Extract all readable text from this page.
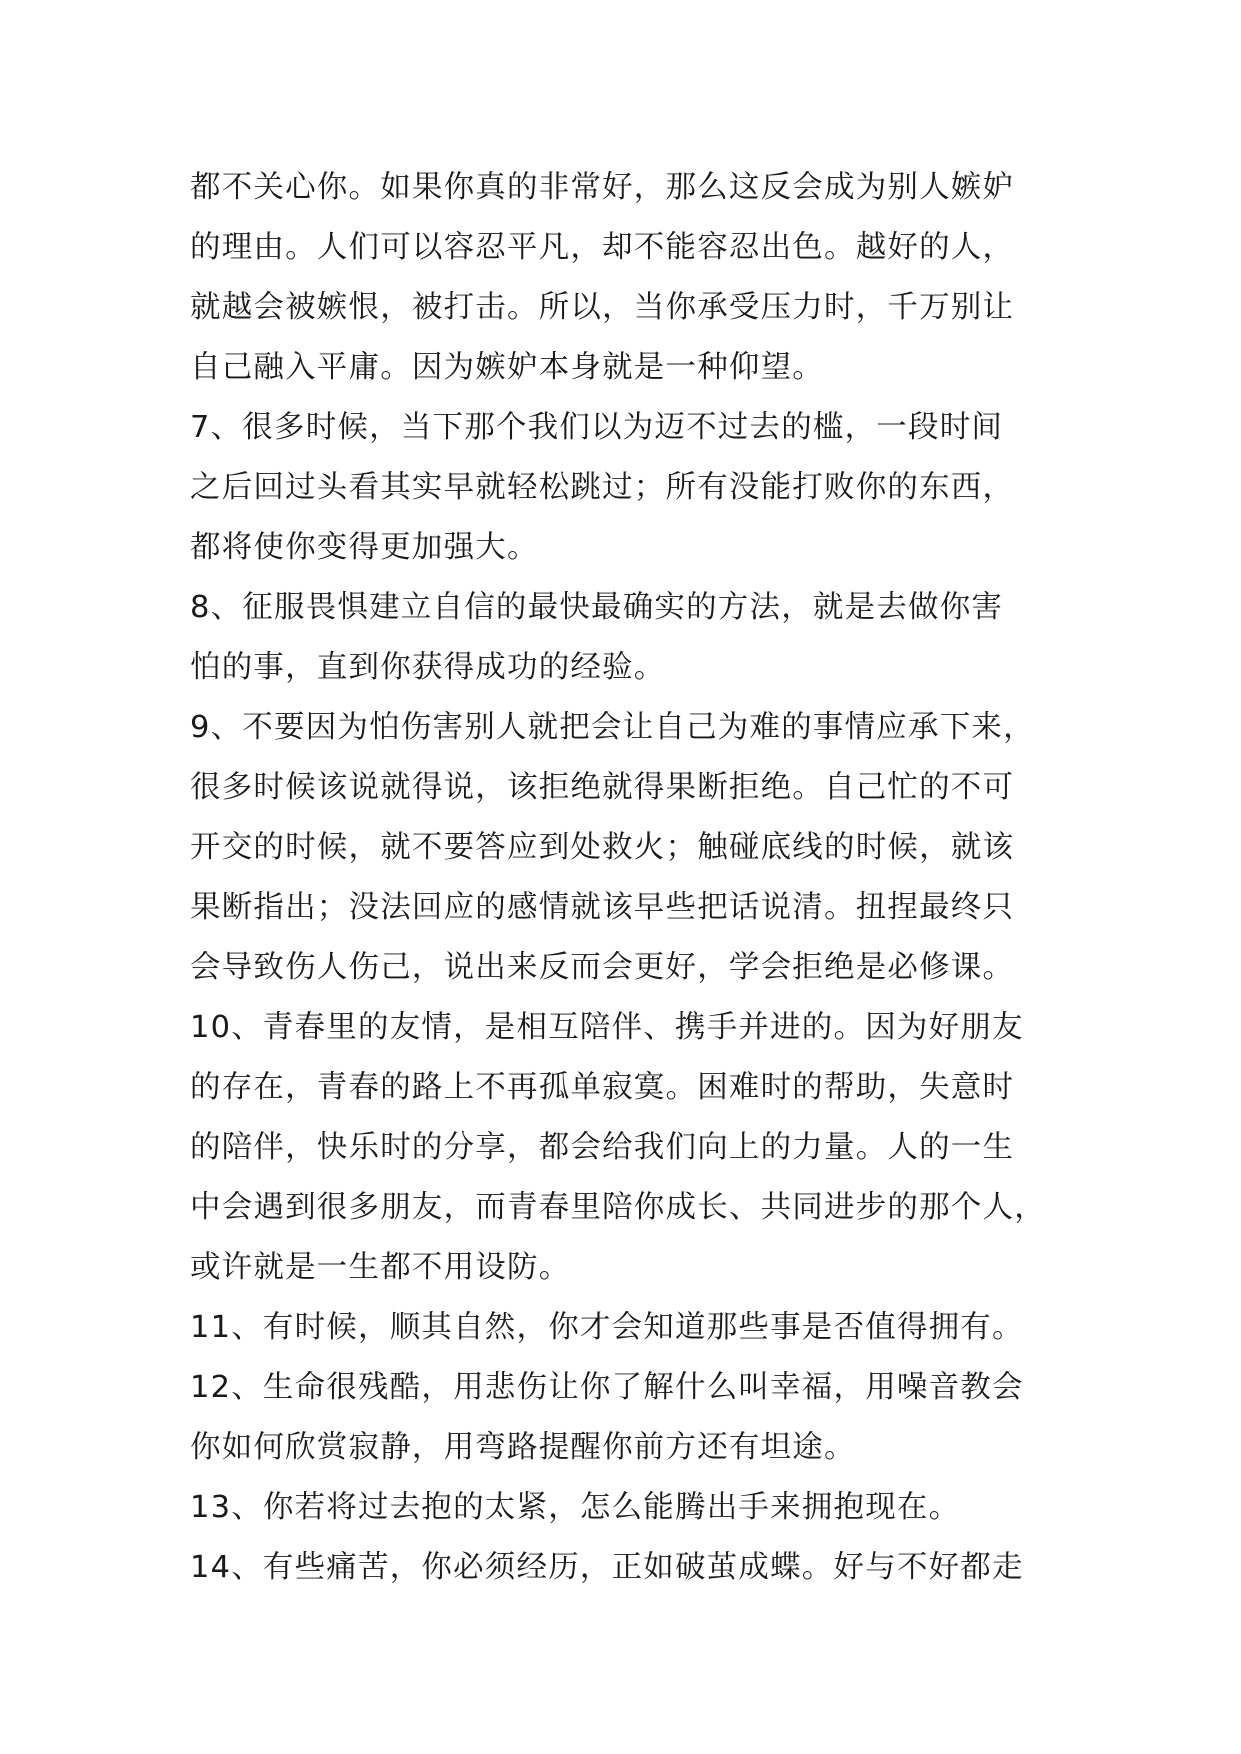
都不关心你。如果你真的非常好，那么这反会成为别人嫉妒
的理由。人们可以容忍平凡，却不能容忍出色。越好的人，
就越会被嫉恨，被打击。所以，当你承受压力时，千万别让
自己融入平庸。因为嫉妒本身就是一种仰望。
7、很多时候，当下那个我们以为迈不过去的槛，一段时间
之后回过头看其实早就轻松跳过；所有没能打败你的东西，
都将使你变得更加强大。
8、征服畏惧建立自信的最快最确实的方法，就是去做你害
怕的事，直到你获得成功的经验。
9、不要因为怕伤害别人就把会让自己为难的事情应承下来，
很多时候该说就得说，该拒绝就得果断拒绝。自己忙的不可
开交的时候，就不要答应到处救火；触碰底线的时候，就该
果断指出；没法回应的感情就该早些把话说清。扭捏最终只
会导致伤人伤己，说出来反而会更好，学会拒绝是必修课。
10、青春里的友情，是相互陪伴、携手并进的。因为好朋友
的存在，青春的路上不再孤单寂寞。困难时的帮助，失意时
的陪伴，快乐时的分享，都会给我们向上的力量。人的一生
中会遇到很多朋友，而青春里陪你成长、共同进步的那个人，
或许就是一生都不用设防。
11、有时候，顺其自然，你才会知道那些事是否值得拥有。
12、生命很残酷，用悲伤让你了解什么叫幸福，用噪音教会
你如何欣赏寂静，用弯路提醒你前方还有坦途。
13、你若将过去抱的太紧，怎么能腾出手来拥抱现在。
14、有些痛苦，你必须经历，正如破茧成蝶。好与不好都走
